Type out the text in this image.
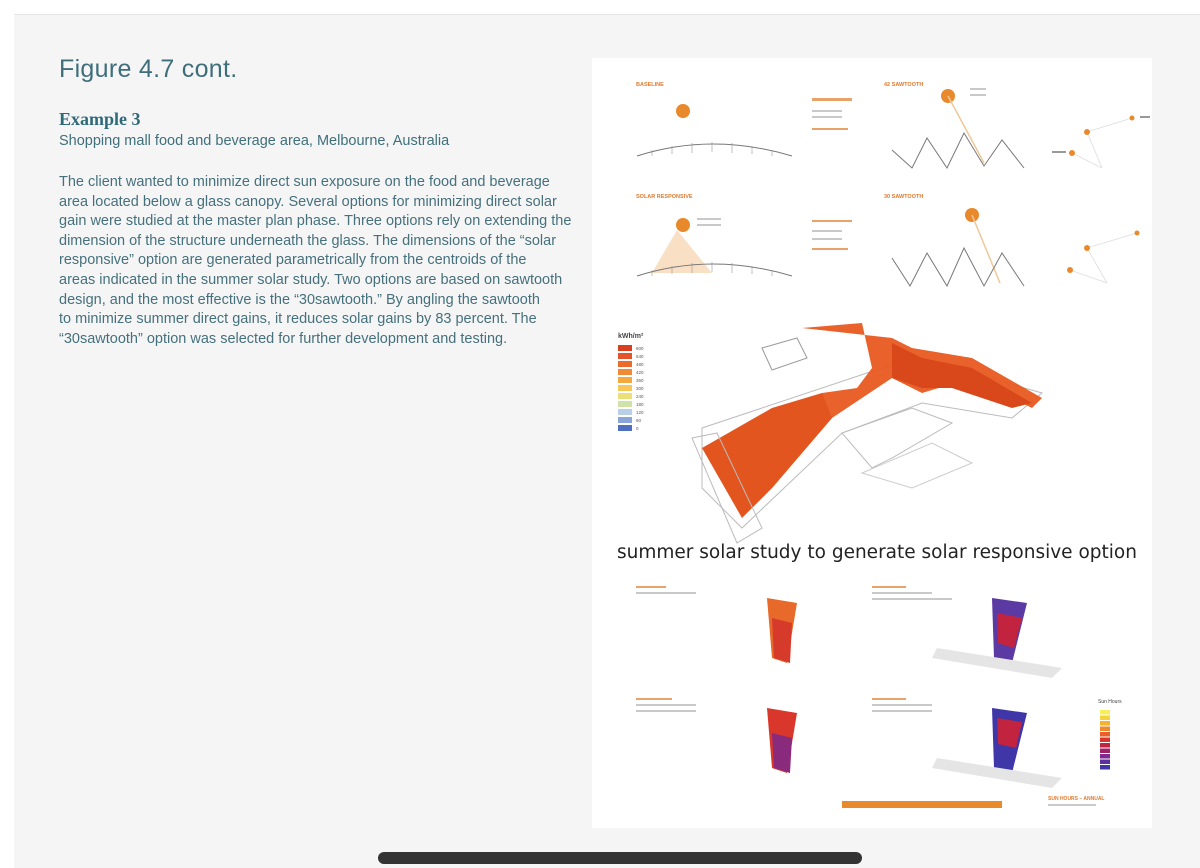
Figure 4.7 cont.
Example 3
Shopping mall food and beverage area, Melbourne, Australia
The client wanted to minimize direct sun exposure on the food and beverage
area located below a glass canopy. Several options for minimizing direct solar
gain were studied at the master plan phase. Three options rely on extending the
dimension of the structure underneath the glass. The dimensions of the “solar
responsive” option are generated parametrically from the centroids of the
areas indicated in the summer solar study. Two options are based on sawtooth
design, and the most effective is the “30sawtooth.” By angling the sawtooth
to minimize summer direct gains, it reduces solar gains by 83 percent. The
“30sawtooth” option was selected for further development and testing.
BASELINE	42 SAWTOOTH
SOLAR RESPONSIVE	30 SAWTOOTH
kWh/m²
600
540
480
420
360
300
240
180
120
60
0
summer solar study to generate solar responsive option
Sun Hours
SUN HOURS – ANNUAL
